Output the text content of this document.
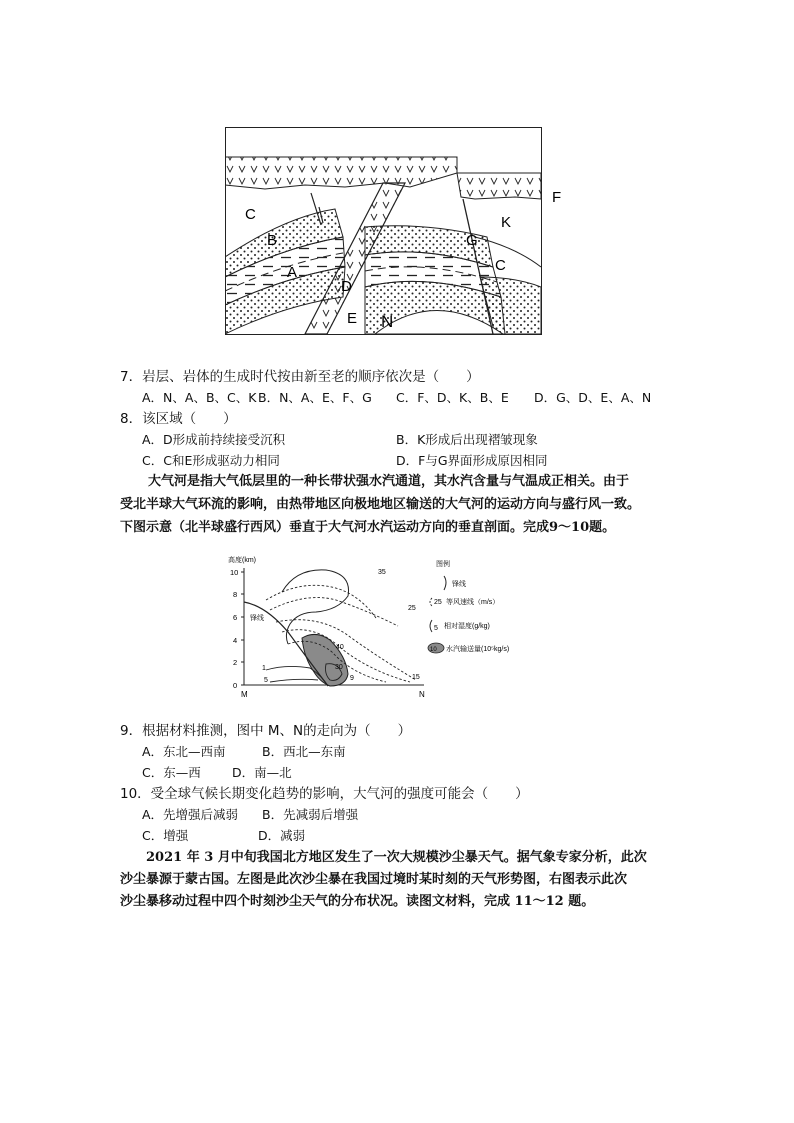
C
B
A
D
E N
G
K
C
F
7．岩层、岩体的生成时代按由新至老的顺序依次是（　　）
A．N、A、B、C、K B．N、A、E、F、G C．F、D、K、B、E D．G、D、E、A、N
8．该区域（　　）
A．D形成前持续接受沉积	B．K形成后出现褶皱现象
C．C和E形成驱动力相同	D．F与G界面形成原因相同
大气河是指大气低层里的一种长带状强水汽通道，其水汽含量与气温成正相关。由于
受北半球大气环流的影响，由热带地区向极地地区输送的大气河的运动方向与盛行风一致。
下图示意（北半球盛行西风）垂直于大气河水汽运动方向的垂直剖面。完成9～10题。
高度(km)
10
8
6
4
2
0
M	N
35
25
40
30
15
1
5	9
锋线
图例
锋线
25 等风速线（m/s）
5 相对湿度(g/kg)
10 水汽输送量(10⁵kg/s)
9．根据材料推测，图中 M、N的走向为（　　）
A．东北—西南	B．西北—东南
C．东—西	D．南—北
10．受全球气候长期变化趋势的影响，大气河的强度可能会（　　）
A．先增强后减弱 B．先减弱后增强
C．增强	D．减弱
2021 年 3 月中旬我国北方地区发生了一次大规模沙尘暴天气。据气象专家分析，此次
沙尘暴源于蒙古国。左图是此次沙尘暴在我国过境时某时刻的天气形势图，右图表示此次
沙尘暴移动过程中四个时刻沙尘天气的分布状况。读图文材料，完成 11～12 题。
